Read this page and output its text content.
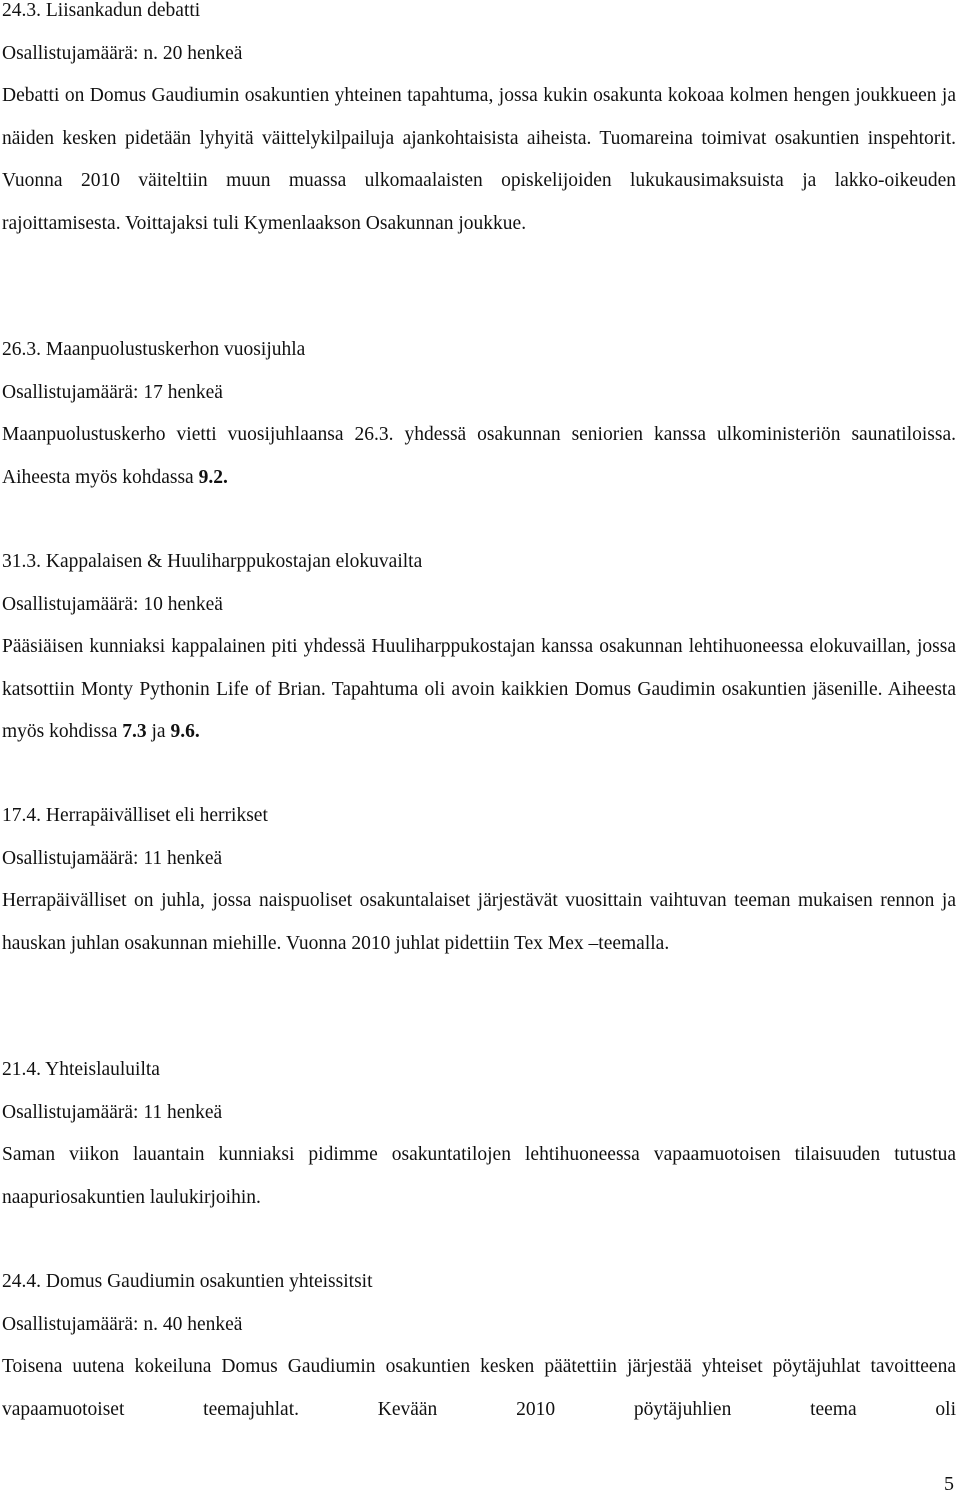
24.3. Liisankadun debatti
Osallistujamäärä: n. 20 henkeä

Debatti on Domus Gaudiumin osakuntien yhteinen tapahtuma, jossa kukin osakunta kokoaa kolmen hengen joukkueen ja näiden kesken pidetään lyhyitä väittelykilpailuja ajankohtaisista aiheista. Tuomareina toimivat osakuntien inspehtorit. Vuonna 2010 väiteltiin muun muassa ulkomaalaisten opiskelijoiden lukukausimaksuista ja lakko-oikeuden rajoittamisesta. Voittajaksi tuli Kymenlaakson Osakunnan joukkue.

26.3. Maanpuolustuskerhon vuosijuhla
Osallistujamäärä: 17 henkeä

Maanpuolustuskerho vietti vuosijuhlaansa 26.3. yhdessä osakunnan seniorien kanssa ulkoministeriön saunatiloissa. Aiheesta myös kohdassa 9.2.

31.3. Kappalaisen & Huuliharppukostajan elokuvailta
Osallistujamäärä: 10 henkeä

Pääsiäisen kunniaksi kappalainen piti yhdessä Huuliharppukostajan kanssa osakunnan lehtihuoneessa elokuvaillan, jossa katsottiin Monty Pythonin Life of Brian. Tapahtuma oli avoin kaikkien Domus Gaudimin osakuntien jäsenille. Aiheesta myös kohdissa 7.3 ja 9.6.

17.4. Herrapäivälliset eli herrikset
Osallistujamäärä: 11 henkeä

Herrapäivälliset on juhla, jossa naispuoliset osakuntalaiset järjestävät vuosittain vaihtuvan teeman mukaisen rennon ja hauskan juhlan osakunnan miehille. Vuonna 2010 juhlat pidettiin Tex Mex –teemalla.

21.4. Yhteislauluilta
Osallistujamäärä: 11 henkeä

Saman viikon lauantain kunniaksi pidimme osakuntatilojen lehtihuoneessa vapaamuotoisen tilaisuuden tutustua naapuriosakuntien laulukirjoihin.

24.4. Domus Gaudiumin osakuntien yhteissitsit
Osallistujamäärä: n. 40 henkeä

Toisena uutena kokeiluna Domus Gaudiumin osakuntien kesken päätettiin järjestää yhteiset pöytäjuhlat tavoitteena vapaamuotoiset teemajuhlat. Kevään 2010 pöytäjuhlien teema oli

5
